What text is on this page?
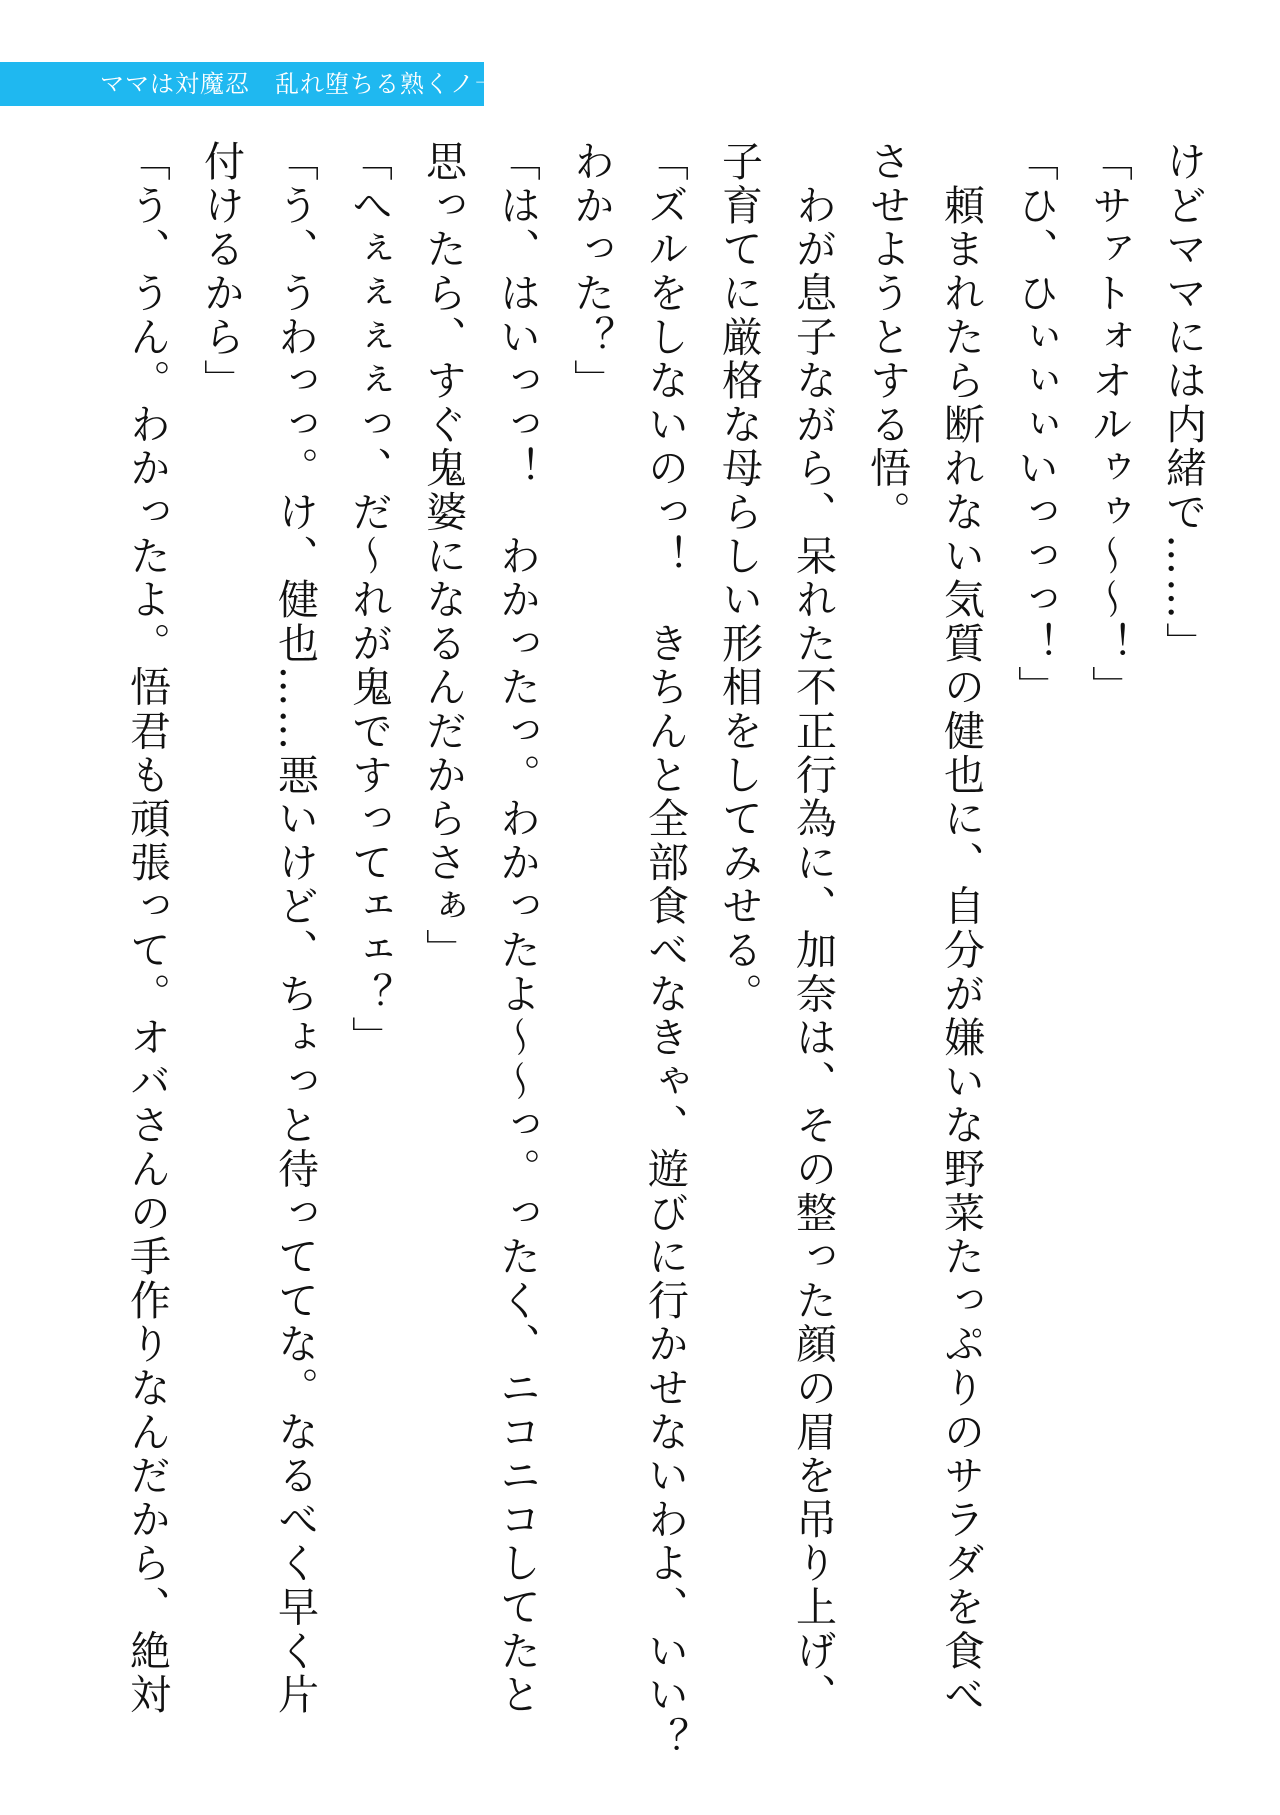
ママは対魔忍　乱れ堕ちる熟くノ一
けどママには内緒で……」
「サァトォオルゥゥ〜〜！」
「ひ、ひぃぃぃいっっっ！」
　頼まれたら断れない気質の健也に、自分が嫌いな野菜たっぷりのサラダを食べ
させようとする悟。
　わが息子ながら、呆れた不正行為に、加奈は、その整った顔の眉を吊り上げ、
子育てに厳格な母らしい形相をしてみせる。
「ズルをしないのっ！　きちんと全部食べなきゃ、遊びに行かせないわよ、いい？
わかった？」
「は、はいっっ！　わかったっ。わかったよ〜〜っ。ったく、ニコニコしてたと
思ったら、すぐ鬼婆になるんだからさぁ」
「へぇぇぇぇっ、だ〜れが鬼ですってェェ？」
「う、うわっっ。け、健也……悪いけど、ちょっと待っててな。なるべく早く片
付けるから」
「う、うん。わかったよ。悟君も頑張って。オバさんの手作りなんだから、絶対
